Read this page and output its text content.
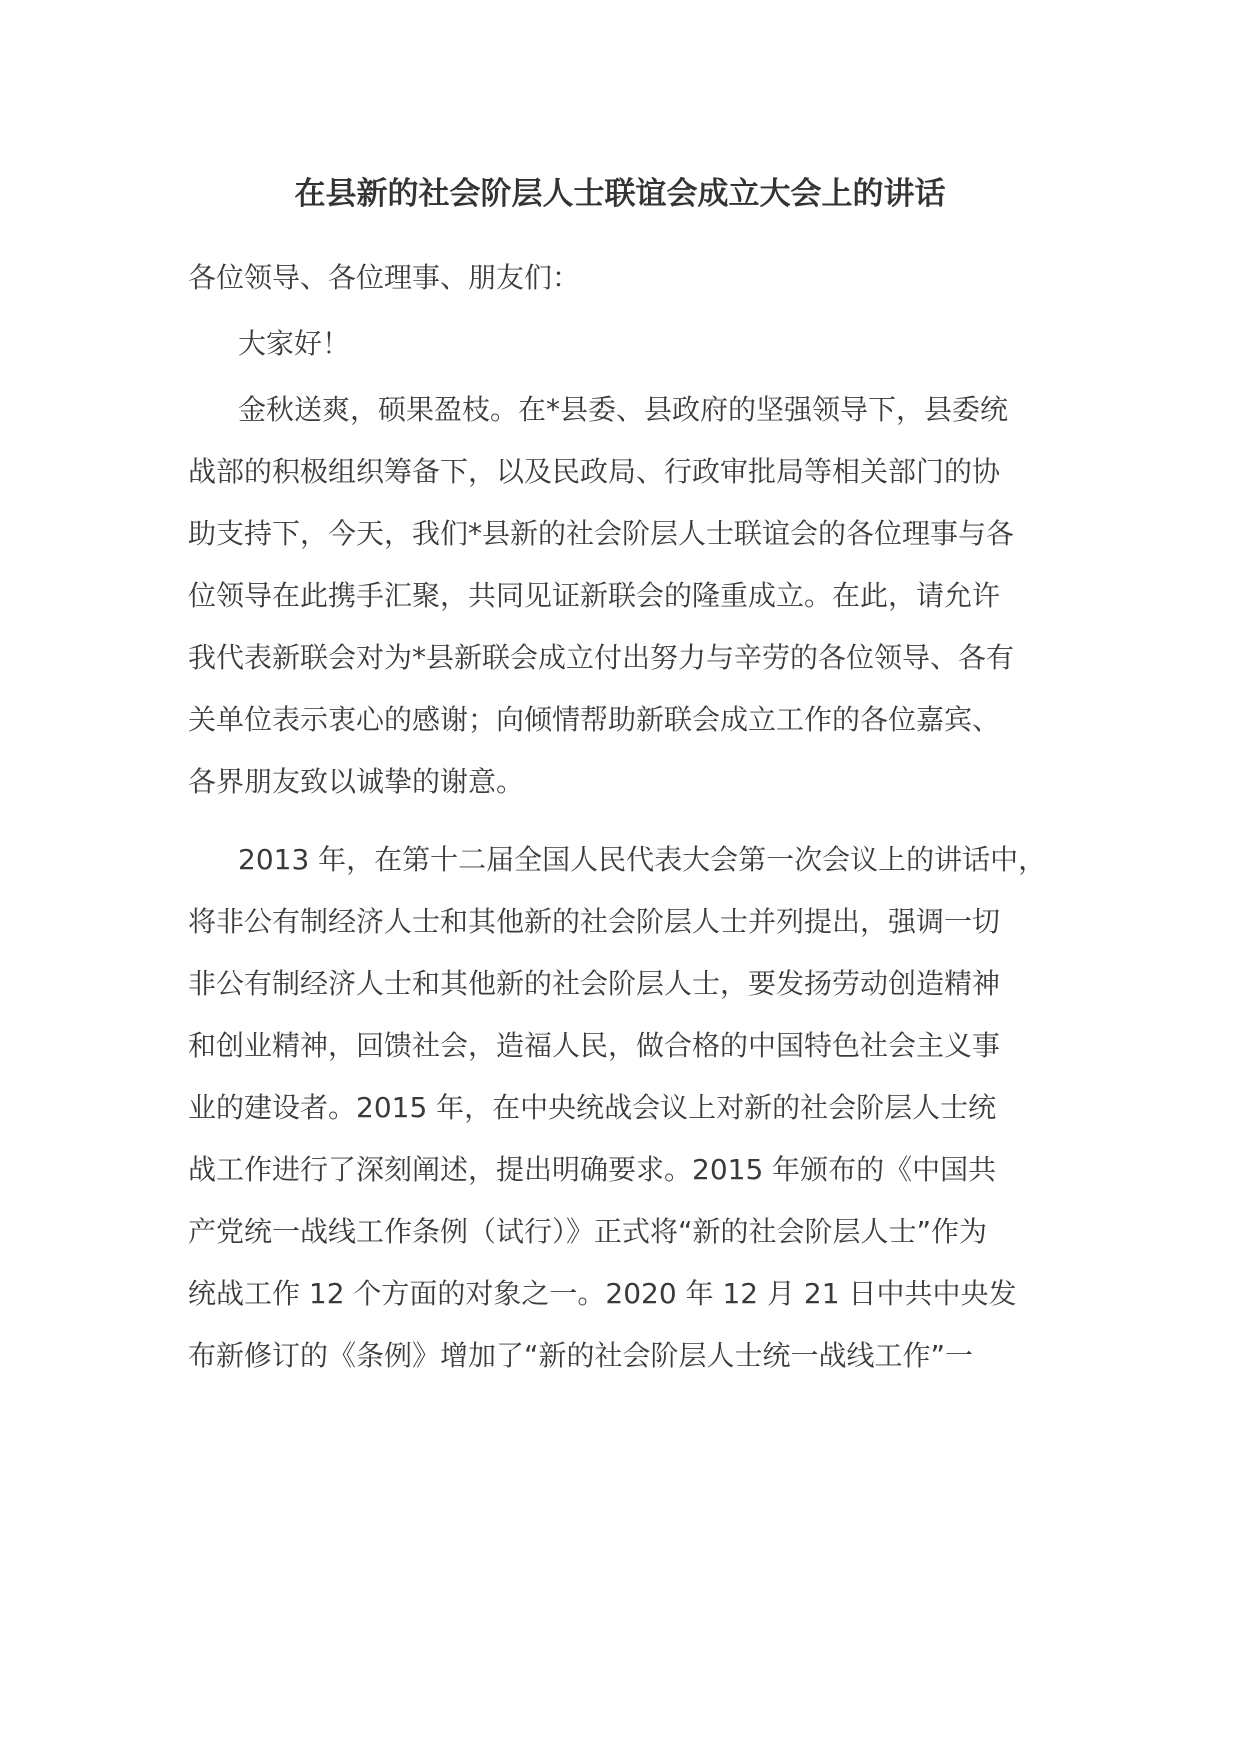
在县新的社会阶层人士联谊会成立大会上的讲话
各位领导、各位理事、朋友们：
大家好！
金秋送爽，硕果盈枝。在*县委、县政府的坚强领导下，县委统
战部的积极组织筹备下，以及民政局、行政审批局等相关部门的协
助支持下，今天，我们*县新的社会阶层人士联谊会的各位理事与各
位领导在此携手汇聚，共同见证新联会的隆重成立。在此，请允许
我代表新联会对为*县新联会成立付出努力与辛劳的各位领导、各有
关单位表示衷心的感谢；向倾情帮助新联会成立工作的各位嘉宾、
各界朋友致以诚挚的谢意。
2013 年，在第十二届全国人民代表大会第一次会议上的讲话中，
将非公有制经济人士和其他新的社会阶层人士并列提出，强调一切
非公有制经济人士和其他新的社会阶层人士，要发扬劳动创造精神
和创业精神，回馈社会，造福人民，做合格的中国特色社会主义事
业的建设者。2015 年，在中央统战会议上对新的社会阶层人士统
战工作进行了深刻阐述，提出明确要求。2015 年颁布的《中国共
产党统一战线工作条例（试行）》正式将“新的社会阶层人士”作为
统战工作 12 个方面的对象之一。2020 年 12 月 21 日中共中央发
布新修订的《条例》增加了“新的社会阶层人士统一战线工作”一
